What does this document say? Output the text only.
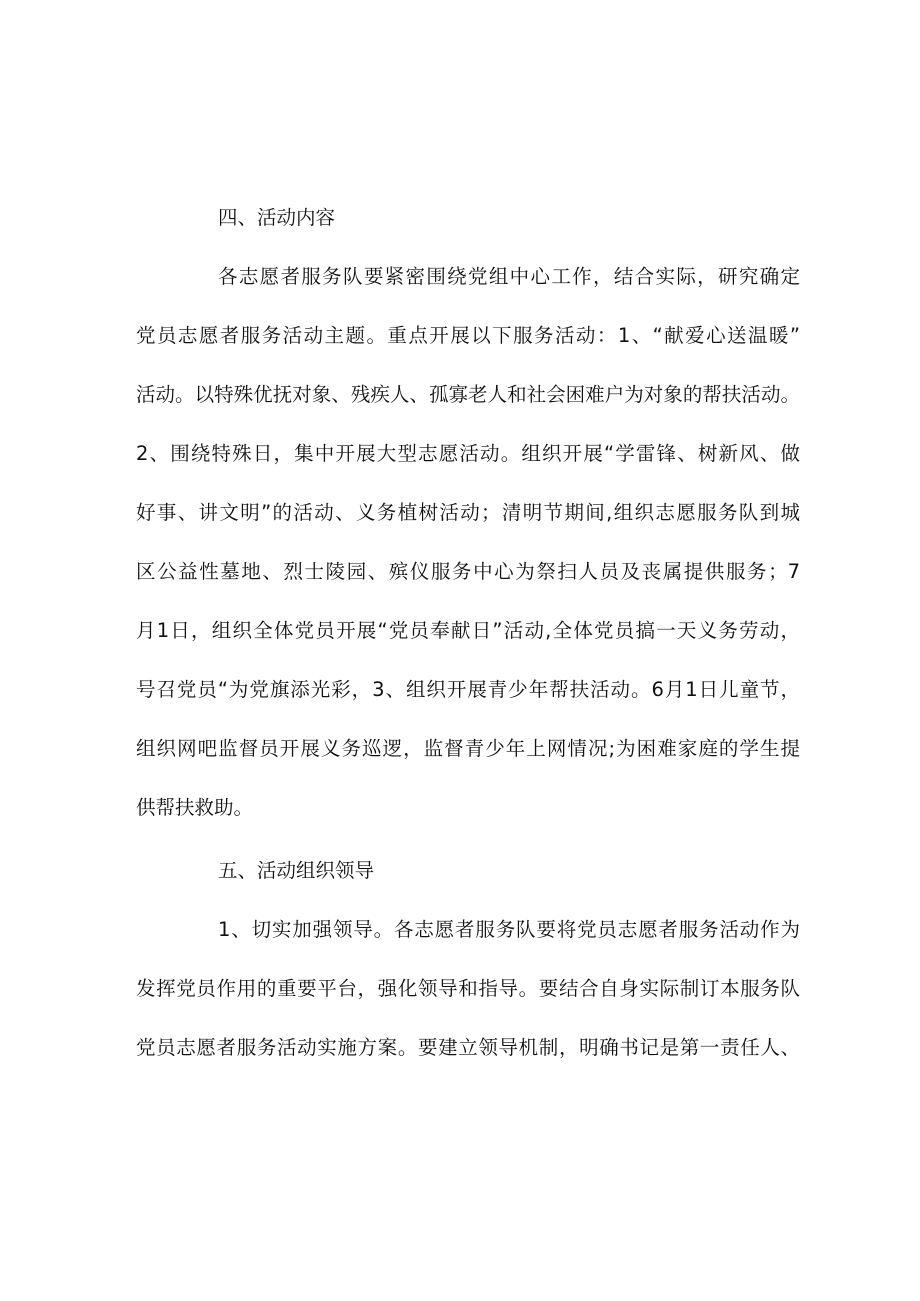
四、活动内容
各志愿者服务队要紧密围绕党组中心工作，结合实际，研究确定
党员志愿者服务活动主题。重点开展以下服务活动：1、“献爱心送温暖”
活动。以特殊优抚对象、残疾人、孤寡老人和社会困难户为对象的帮扶活动。
2、围绕特殊日，集中开展大型志愿活动。组织开展“学雷锋、树新风、做
好事、讲文明”的活动、义务植树活动；清明节期间,组织志愿服务队到城
区公益性墓地、烈士陵园、殡仪服务中心为祭扫人员及丧属提供服务；7
月1日，组织全体党员开展“党员奉献日”活动,全体党员搞一天义务劳动，
号召党员“为党旗添光彩，3、组织开展青少年帮扶活动。6月1日儿童节，
组织网吧监督员开展义务巡逻，监督青少年上网情况;为困难家庭的学生提
供帮扶救助。
五、活动组织领导
1、切实加强领导。各志愿者服务队要将党员志愿者服务活动作为
发挥党员作用的重要平台，强化领导和指导。要结合自身实际制订本服务队
党员志愿者服务活动实施方案。要建立领导机制，明确书记是第一责任人、
